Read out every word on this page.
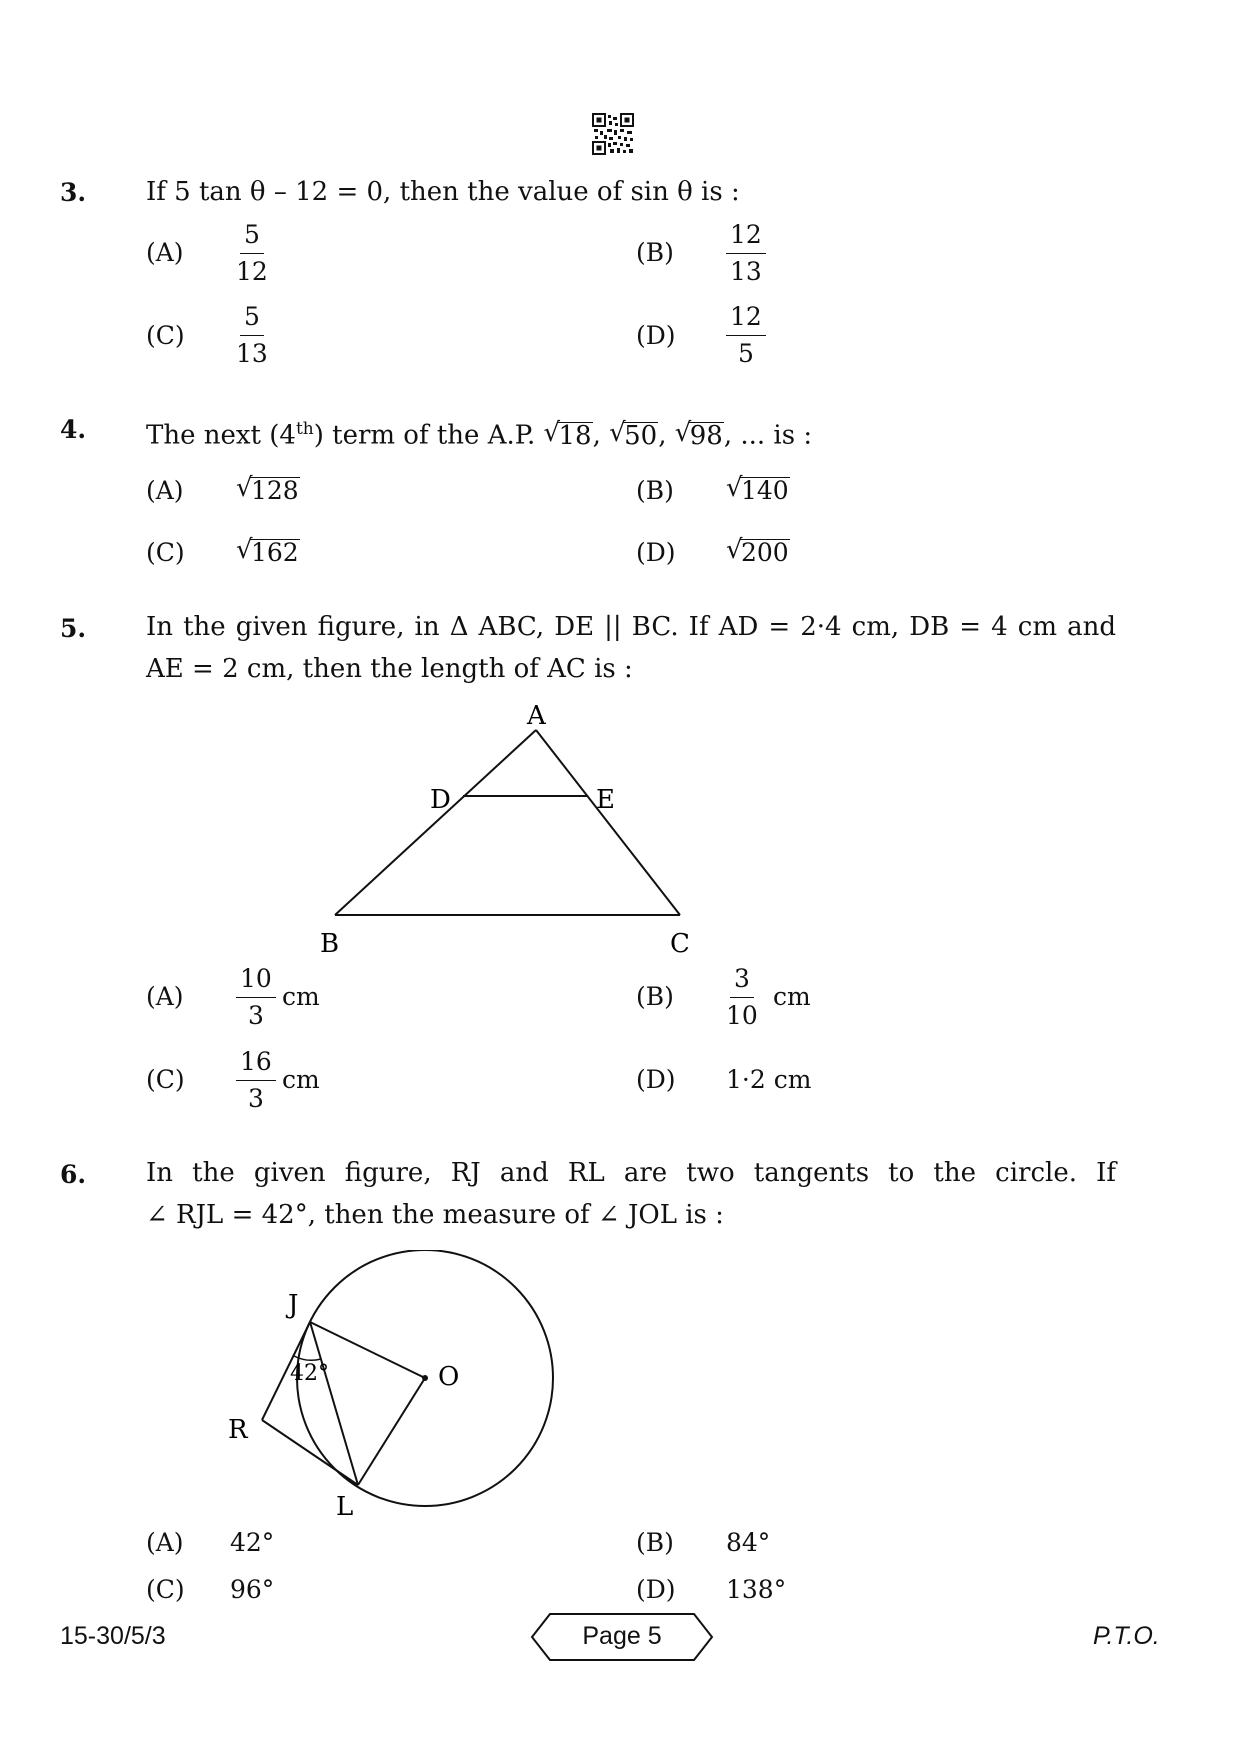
3. If 5 tan θ – 12 = 0, then the value of sin θ is :
$(A) \frac{5}{12}$	$(B) \frac{12}{13}$
$(C) \frac{5}{13}$	$(D) \frac{12}{5}$
4. The next (4th) term of the A.P. √
18, √
50, √
98, ... is :
(A) √
128	(B) √
140
(C) √
162	(D) √
200
5. In the given figure, in Δ ABC, DE || BC. If AD = 2·4 cm, DB = 4 cm and
AE = 2 cm, then the length of AC is :
A
D	E
B	C
$(A) \frac{10}{3}$ cm	$(B) \frac{3}{10}$ cm
$(C) \frac{16}{3}$ cm	(D) 1·2 cm
6. In the given figure, RJ and RL are two tangents to the circle. If
∠ RJL = 42°, then the measure of ∠ JOL is :
42°
J
O
R
L
(A) 42°	(B) 84°
(C) 96°	(D) 138°
15-30/5/3	Page 5	P.T.O.
